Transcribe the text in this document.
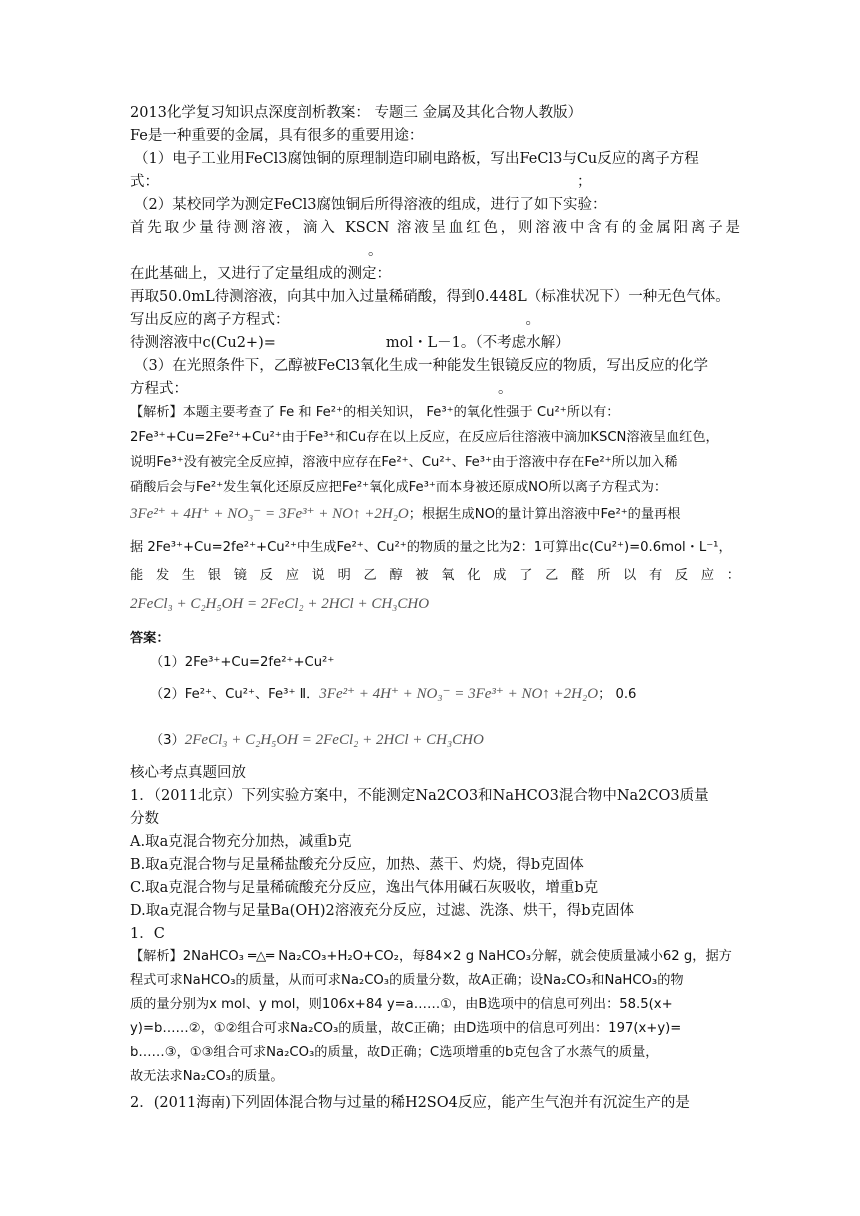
2013化学复习知识点深度剖析教案： 专题三 金属及其化合物人教版）
Fe是一种重要的金属，具有很多的重要用途：
（1）电子工业用FeCl3腐蚀铜的原理制造印刷电路板，写出FeCl3与Cu反应的离子方程
式：	；
（2）某校同学为测定FeCl3腐蚀铜后所得溶液的组成，进行了如下实验：
首先取少量待测溶液，滴入 KSCN 溶液呈血红色，则溶液中含有的金属阳离子是
。
在此基础上，又进行了定量组成的测定：
再取50.0mL待测溶液，向其中加入过量稀硝酸，得到0.448L（标准状况下）一种无色气体。
写出反应的离子方程式：	。
待测溶液中c(Cu2+)=	mol・L－1。（不考虑水解）
（3）在光照条件下，乙醇被FeCl3氧化生成一种能发生银镜反应的物质，写出反应的化学
方程式：	。
【解析】本题主要考查了 Fe 和 Fe²⁺的相关知识， Fe³⁺的氧化性强于 Cu²⁺所以有：
2Fe³⁺+Cu=2Fe²⁺+Cu²⁺由于Fe³⁺和Cu存在以上反应，在反应后往溶液中滴加KSCN溶液呈血红色，
说明Fe³⁺没有被完全反应掉，溶液中应存在Fe²⁺、Cu²⁺、Fe³⁺由于溶液中存在Fe²⁺所以加入稀
硝酸后会与Fe²⁺发生氧化还原反应把Fe²⁺氧化成Fe³⁺而本身被还原成NO所以离子方程式为：
3Fe²⁺ + 4H⁺ + NO₃⁻ = 3Fe³⁺ + NO↑ +2H₂O；根据生成NO的量计算出溶液中Fe²⁺的量再根
据 2Fe³⁺+Cu=2fe²⁺+Cu²⁺中生成Fe²⁺、Cu²⁺的物质的量之比为2：1可算出c(Cu²⁺)=0.6mol・L⁻¹，
能发生银镜反应说明乙醇被氧化成了乙醛所以有反应：
2FeCl₃ + C₂H₅OH = 2FeCl₂ + 2HCl + CH₃CHO
答案：
（1）2Fe³⁺+Cu=2fe²⁺+Cu²⁺
（2）Fe²⁺、Cu²⁺、Fe³⁺ Ⅱ．3Fe²⁺ + 4H⁺ + NO₃⁻ = 3Fe³⁺ + NO↑ +2H₂O； 0.6
（3）2FeCl₃ + C₂H₅OH = 2FeCl₂ + 2HCl + CH₃CHO
核心考点真题回放
1．（2011北京）下列实验方案中，不能测定Na2CO3和NaHCO3混合物中Na2CO3质量
分数
A.取a克混合物充分加热，减重b克
B.取a克混合物与足量稀盐酸充分反应，加热、蒸干、灼烧，得b克固体
C.取a克混合物与足量稀硫酸充分反应，逸出气体用碱石灰吸收，增重b克
D.取a克混合物与足量Ba(OH)2溶液充分反应，过滤、洗涤、烘干，得b克固体
1．C
【解析】2NaHCO₃ ═△═ Na₂CO₃+H₂O+CO₂，每84×2 g NaHCO₃分解，就会使质量减小62 g，据方
程式可求NaHCO₃的质量，从而可求Na₂CO₃的质量分数，故A正确；设Na₂CO₃和NaHCO₃的物
质的量分别为x mol、y mol，则106x+84 y=a……①，由B选项中的信息可列出：58.5(x+
y)=b……②，①②组合可求Na₂CO₃的质量，故C正确；由D选项中的信息可列出：197(x+y)=
b……③，①③组合可求Na₂CO₃的质量，故D正确；C选项增重的b克包含了水蒸气的质量，
故无法求Na₂CO₃的质量。
2．(2011海南)下列固体混合物与过量的稀H2SO4反应，能产生气泡并有沉淀生产的是
